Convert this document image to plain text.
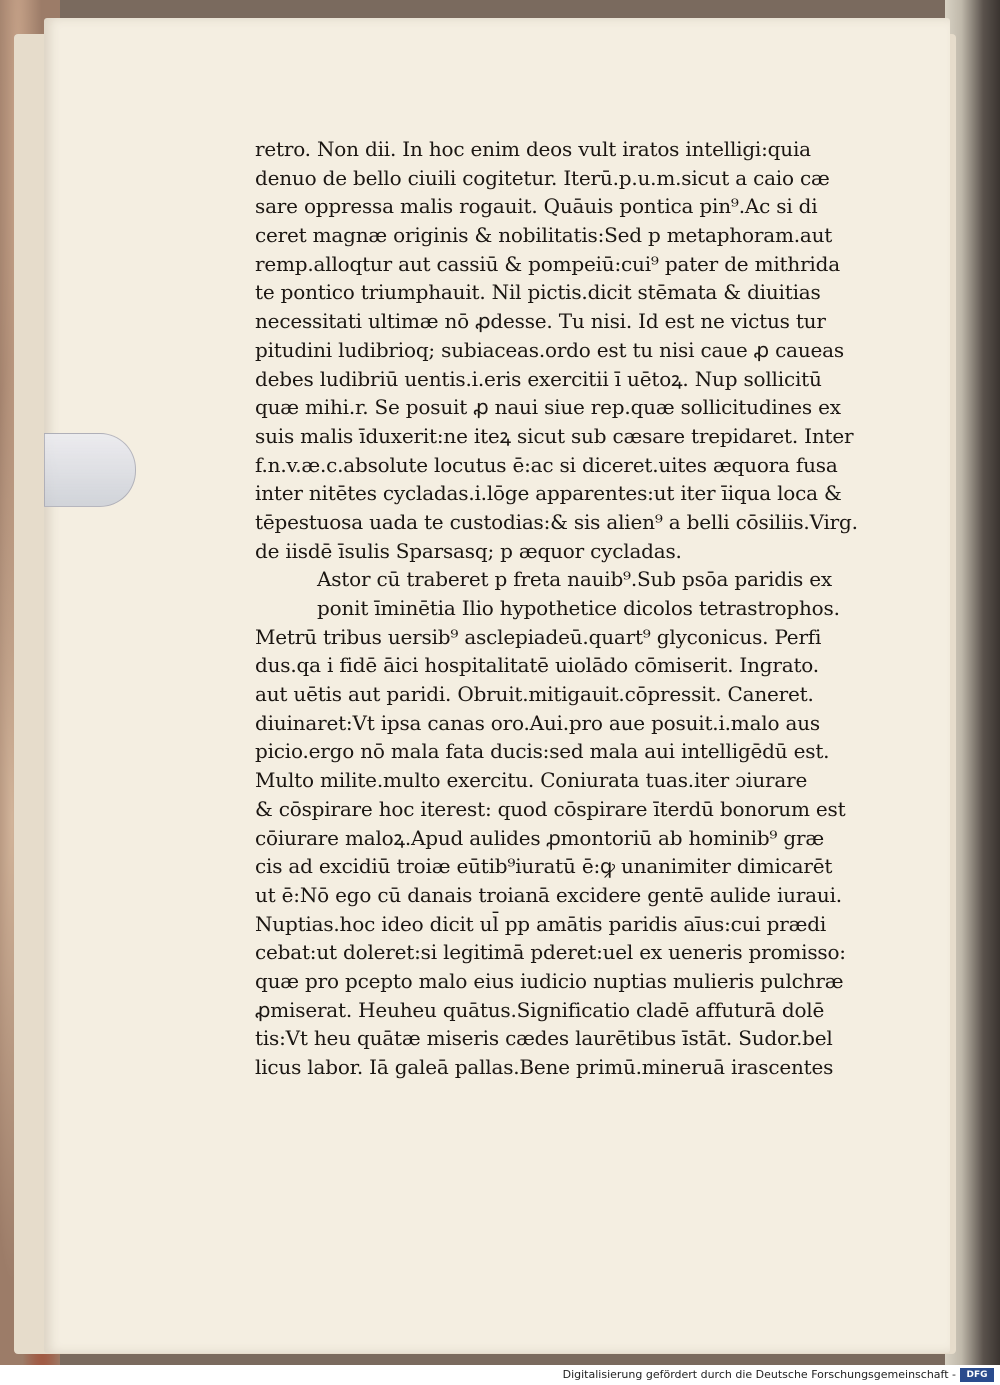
retro. Non dii. In hoc enim deos vult iratos intelligi:quia
denuo de bello ciuili cogitetur. Iterū.p.u.m.sicut a caio cæ
sare oppressa malis rogauit. Quāuis pontica pin⁹.Ac si di
ceret magnæ originis & nobilitatis:Sed p metaphoram.aut
remp.alloqtur aut cassiū & pompeiū:cui⁹ pater de mithrida
te pontico triumphauit. Nil pictis.dicit stēmata & diuitias
necessitati ultimæ nō ꝓdesse. Tu nisi. Id est ne victus tur
pitudini ludibrioq; subiaceas.ordo est tu nisi caue ꝓ caueas
debes ludibriū uentis.i.eris exercitii ī uētoꝝ. Nup sollicitū
quæ mihi.r. Se posuit ꝓ naui siue rep.quæ sollicitudines ex
suis malis īduxerit:ne iteꝝ sicut sub cæsare trepidaret. Inter
f.n.v.æ.c.absolute locutus ē:ac si diceret.uites æquora fusa
inter nitētes cycladas.i.lōge apparentes:ut iter īiqua loca &
tēpestuosa uada te custodias:& sis alien⁹ a belli cōsiliis.Virg.
de iisdē īsulis Sparsasq; p æquor cycladas.
Astor cū traberet p freta nauib⁹.Sub psōa paridis ex
ponit īminētia Ilio hypothetice dicolos tetrastrophos.
Metrū tribus uersib⁹ asclepiadeū.quart⁹ glyconicus. Perfi
dus.qa i fidē āici hospitalitatē uiolādo cōmiserit. Ingrato.
aut uētis aut paridi. Obruit.mitigauit.cōpressit. Caneret.
diuinaret:Vt ipsa canas oro.Aui.pro aue posuit.i.malo aus
picio.ergo nō mala fata ducis:sed mala aui intelligēdū est.
Multo milite.multo exercitu. Coniurata tuas.iter ɔiurare
& cōspirare hoc iterest: quod cōspirare īterdū bonorum est
cōiurare maloꝝ.Apud aulides ꝓmontoriū ab hominib⁹ græ
cis ad excidiū troiæ eūtib⁹iuratū ē:ꝙ unanimiter dimicarēt
ut ē:Nō ego cū danais troianā excidere gentē aulide iuraui.
Nuptias.hoc ideo dicit ul̄ pp amātis paridis aīus:cui prædi
cebat:ut doleret:si legitimā pderet:uel ex ueneris promisso:
quæ pro pcepto malo eius iudicio nuptias mulieris pulchræ
ꝓmiserat. Heuheu quātus.Significatio cladē affuturā dolē
tis:Vt heu quātæ miseris cædes laurētibus īstāt. Sudor.bel
licus labor. Iā galeā pallas.Bene primū.mineruā irascentes
Digitalisierung gefördert durch die Deutsche Forschungsgemeinschaft -	DFG
